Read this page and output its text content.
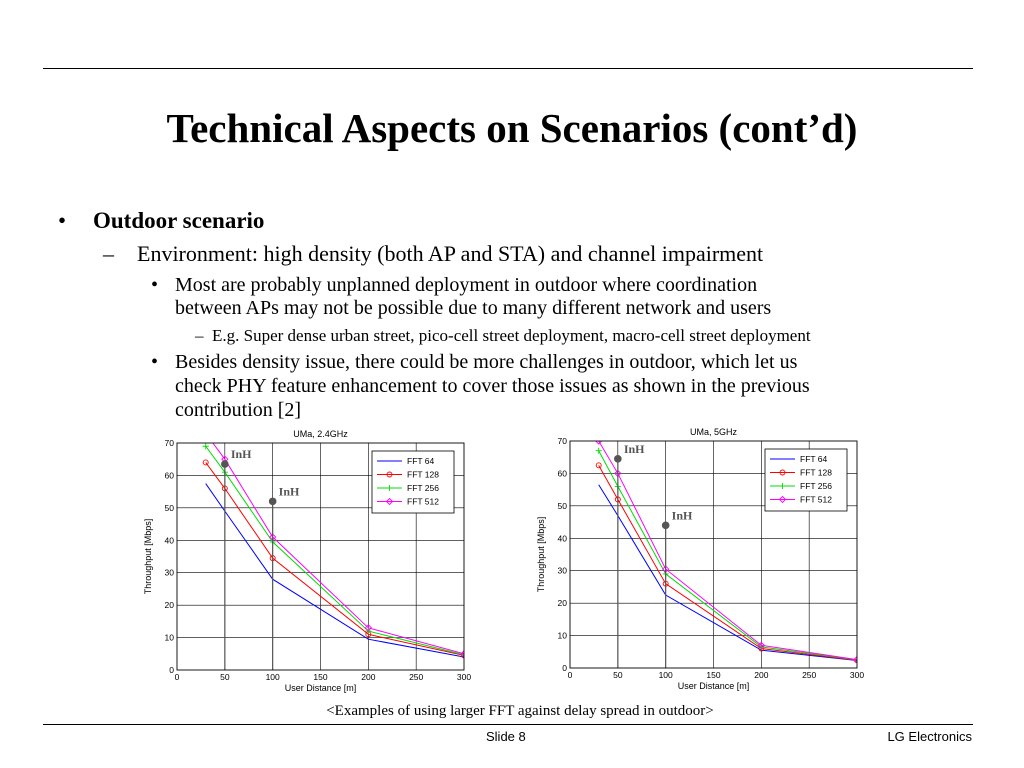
Technical Aspects on Scenarios (cont’d)
• Outdoor scenario
– Environment: high density (both AP and STA) and channel impairment
• Most are probably unplanned deployment in outdoor where coordination
between APs may not be possible due to many different network and users
– E.g. Super dense urban street, pico-cell street deployment, macro-cell street deployment
• Besides density issue, there could be more challenges in outdoor, which let us
check PHY feature enhancement to cover those issues as shown in the previous
contribution [2]
0	50	100	150	200	250	300
0
10
20
30
40
50
60
70
UMa, 2.4GHz
User Distance [m]
Throughput [Mbps]
InH
InH
FFT 64
FFT 128
FFT 256
FFT 512
0	50	100	150	200	250	300
0
10
20
30
40
50
60
70
UMa, 5GHz
User Distance [m]
Throughput [Mbps]
InH
InH
FFT 64
FFT 128
FFT 256
FFT 512
<Examples of using larger FFT against delay spread in outdoor>
Slide 8	LG Electronics
